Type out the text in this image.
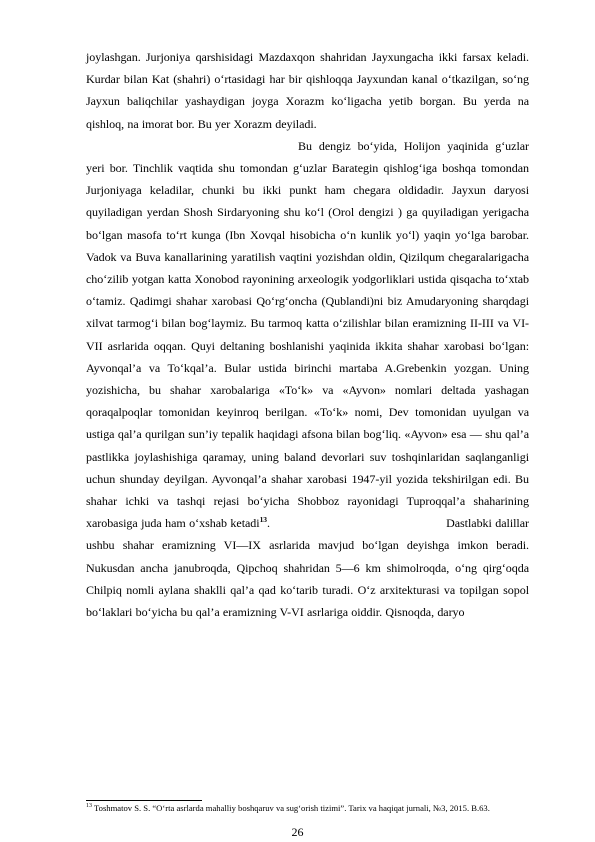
joylashgan. Jurjoniya qarshisidagi Mazdaxqon shahridan Jayxungacha ikki farsax keladi. Kurdar bilan Kat (shahri) o‘rtasidagi har bir qishloqqa Jayxundan kanal o‘tkazilgan, so‘ng Jayxun baliqchilar yashaydigan joyga Xorazm ko‘ligacha yetib borgan. Bu yerda na qishloq, na imorat bor. Bu yer Xorazm deyiladi.

Bu dengiz bo‘yida, Holijon yaqinida g‘uzlar yeri bor. Tinchlik vaqtida shu tomondan g‘uzlar Barategin qishlog‘iga boshqa tomondan Jurjoniyaga keladilar, chunki bu ikki punkt ham chegara oldidadir. Jayxun daryosi quyiladigan yerdan Shosh Sirdaryoning shu ko‘l (Orol dengizi ) ga quyiladigan yerigacha bo‘lgan masofa to‘rt kunga (Ibn Xovqal hisobicha o‘n kunlik yo‘l) yaqin yo‘lga barobar. Vadok va Buva kanallarining yaratilish vaqtini yozishdan oldin, Qizilqum chegaralarigacha cho‘zilib yotgan katta Xonobod rayonining arxeologik yodgorliklari ustida qisqacha to‘xtab o‘tamiz. Qadimgi shahar xarobasi Qo‘rg‘oncha (Qublandi)ni biz Amudaryoning sharqdagi xilvat tarmog‘i bilan bog‘laymiz. Bu tarmoq katta o‘zilishlar bilan eramizning II-III va VI-VII asrlarida oqqan. Quyi deltaning boshlanishi yaqinida ikkita shahar xarobasi bo‘lgan: Ayvonqal’a va To‘kqal’a. Bular ustida birinchi martaba A.Grebenkin yozgan. Uning yozishicha, bu shahar xarobalariga «To‘k» va «Ayvon» nomlari deltada yashagan qoraqalpoqlar tomonidan keyinroq berilgan. «To‘k» nomi, Dev tomonidan uyulgan va ustiga qal’a qurilgan sun’iy tepalik haqidagi afsona bilan bog‘liq. «Ayvon» esa — shu qal’a pastlikka joylashishiga qaramay, uning baland devorlari suv toshqinlaridan saqlanganligi uchun shunday deyilgan. Ayvonqal’a shahar xarobasi 1947-yil yozida tekshirilgan edi. Bu shahar ichki va tashqi rejasi bo‘yicha Shobboz rayonidagi Tuproqqal’a shaharining xarobasiga juda ham o‘xshab ketadi$^{13}$.	Dastlabki dalillar ushbu shahar eramizning VI—IX asrlarida mavjud bo‘lgan deyishga imkon beradi. Nukusdan ancha janubroqda, Qipchoq shahridan 5—6 km shimolroqda, o‘ng qirg‘oqda Chilpiq nomli aylana shaklli qal’a qad ko‘tarib turadi. O‘z arxitekturasi va topilgan sopol bo‘laklari bo‘yicha bu qal’a eramizning V-VI asrlariga oiddir. Qisnoqda, daryo

$^{13}$ Toshmatov S. S. “O‘rta asrlarda mahalliy boshqaruv va sug‘orish tizimi”. Tarix va haqiqat jurnali, №3, 2015. B.63.

26
